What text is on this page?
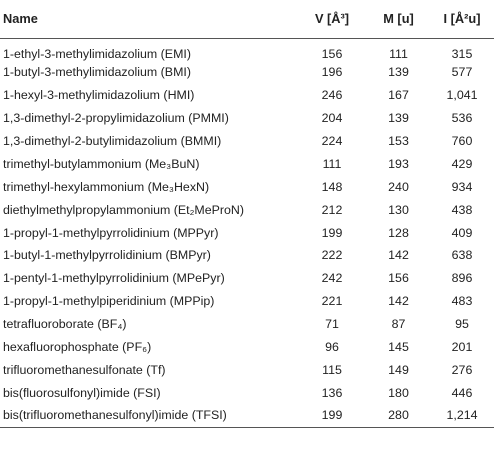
Name	V [Å³]	M [u]	I [Å²u]
1-ethyl-3-methylimidazolium (EMI)	156	111	315
1-butyl-3-methylimidazolium (BMI)	196	139	577
1-hexyl-3-methylimidazolium (HMI)	246	167	1,041
1,3-dimethyl-2-propylimidazolium (PMMI)	204	139	536
1,3-dimethyl-2-butylimidazolium (BMMI)	224	153	760
trimethyl-butylammonium (Me₃BuN)	111	193	429
trimethyl-hexylammonium (Me₃HexN)	148	240	934
diethylmethylpropylammonium (Et₂MeProN)	212	130	438
1-propyl-1-methylpyrrolidinium (MPPyr)	199	128	409
1-butyl-1-methylpyrrolidinium (BMPyr)	222	142	638
1-pentyl-1-methylpyrrolidinium (MPePyr)	242	156	896
1-propyl-1-methylpiperidinium (MPPip)	221	142	483
tetrafluoroborate (BF₄)	71	87	95
hexafluorophosphate (PF₆)	96	145	201
trifluoromethanesulfonate (Tf)	115	149	276
bis(fluorosulfonyl)imide (FSI)	136	180	446
bis(trifluoromethanesulfonyl)imide (TFSI)	199	280	1,214
